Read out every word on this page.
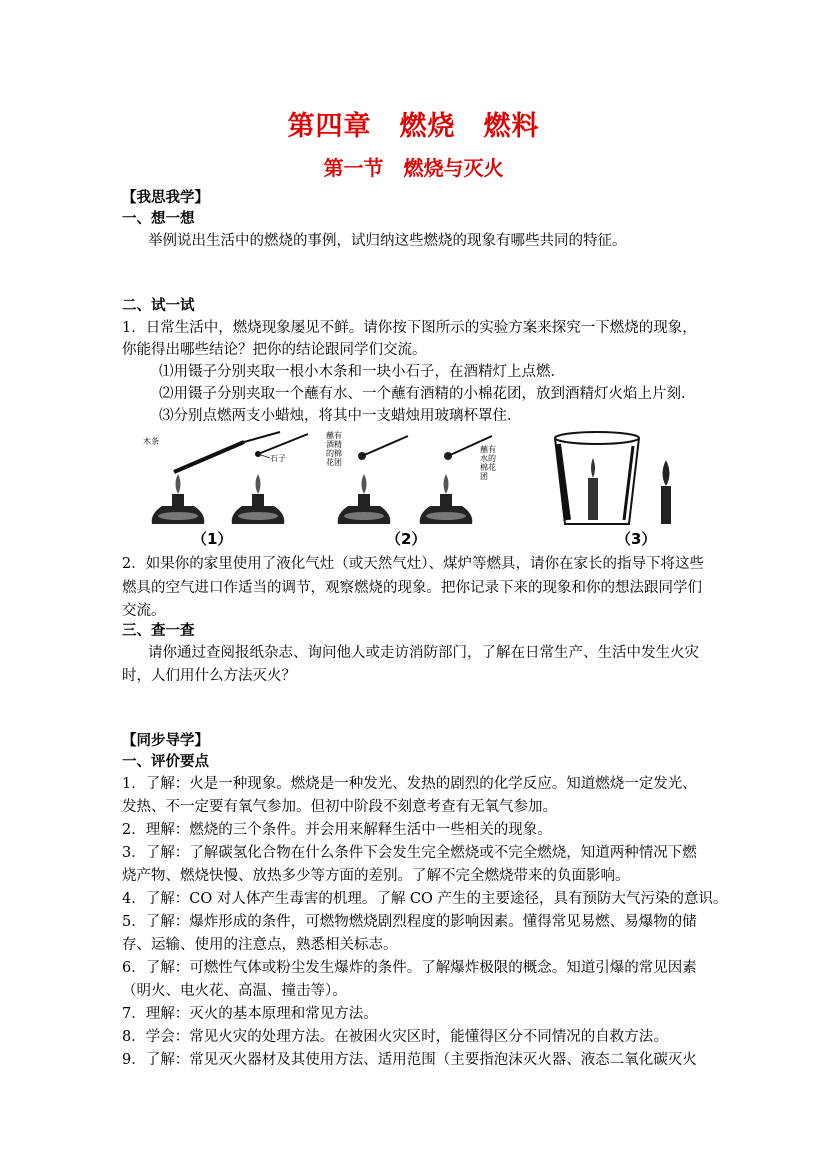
第四章　燃烧　燃料
第一节　燃烧与灭火
【我思我学】
一、想一想
举例说出生活中的燃烧的事例，试归纳这些燃烧的现象有哪些共同的特征。
二、试一试
1．日常生活中，燃烧现象屡见不鲜。请你按下图所示的实验方案来探究一下燃烧的现象，
你能得出哪些结论？把你的结论跟同学们交流。
⑴用镊子分别夹取一根小木条和一块小石子，在酒精灯上点燃．
⑵用镊子分别夹取一个蘸有水、一个蘸有酒精的小棉花团，放到酒精灯火焰上片刻．
⑶分别点燃两支小蜡烛，将其中一支蜡烛用玻璃杯罩住．
木条
石子
蘸有
酒精
的棉
花团
蘸有
水的
棉花
团
（1）	（2）	（3）
2．如果你的家里使用了液化气灶（或天然气灶）、煤炉等燃具，请你在家长的指导下将这些
燃具的空气进口作适当的调节，观察燃烧的现象。把你记录下来的现象和你的想法跟同学们
交流。
三、查一查
请你通过查阅报纸杂志、询问他人或走访消防部门，了解在日常生产、生活中发生火灾
时，人们用什么方法灭火？
【同步导学】
一、评价要点
1．了解：火是一种现象。燃烧是一种发光、发热的剧烈的化学反应。知道燃烧一定发光、
发热、不一定要有氧气参加。但初中阶段不刻意考查有无氧气参加。
2．理解：燃烧的三个条件。并会用来解释生活中一些相关的现象。
3．了解：了解碳氢化合物在什么条件下会发生完全燃烧或不完全燃烧，知道两种情况下燃
烧产物、燃烧快慢、放热多少等方面的差别。了解不完全燃烧带来的负面影响。
4．了解：CO 对人体产生毒害的机理。了解 CO 产生的主要途径，具有预防大气污染的意识。
5．了解：爆炸形成的条件，可燃物燃烧剧烈程度的影响因素。懂得常见易燃、易爆物的储
存、运输、使用的注意点，熟悉相关标志。
6．了解：可燃性气体或粉尘发生爆炸的条件。了解爆炸极限的概念。知道引爆的常见因素
（明火、电火花、高温、撞击等）。
7．理解：灭火的基本原理和常见方法。
8．学会：常见火灾的处理方法。在被困火灾区时，能懂得区分不同情况的自救方法。
9．了解：常见灭火器材及其使用方法、适用范围（主要指泡沫灭火器、液态二氧化碳灭火
